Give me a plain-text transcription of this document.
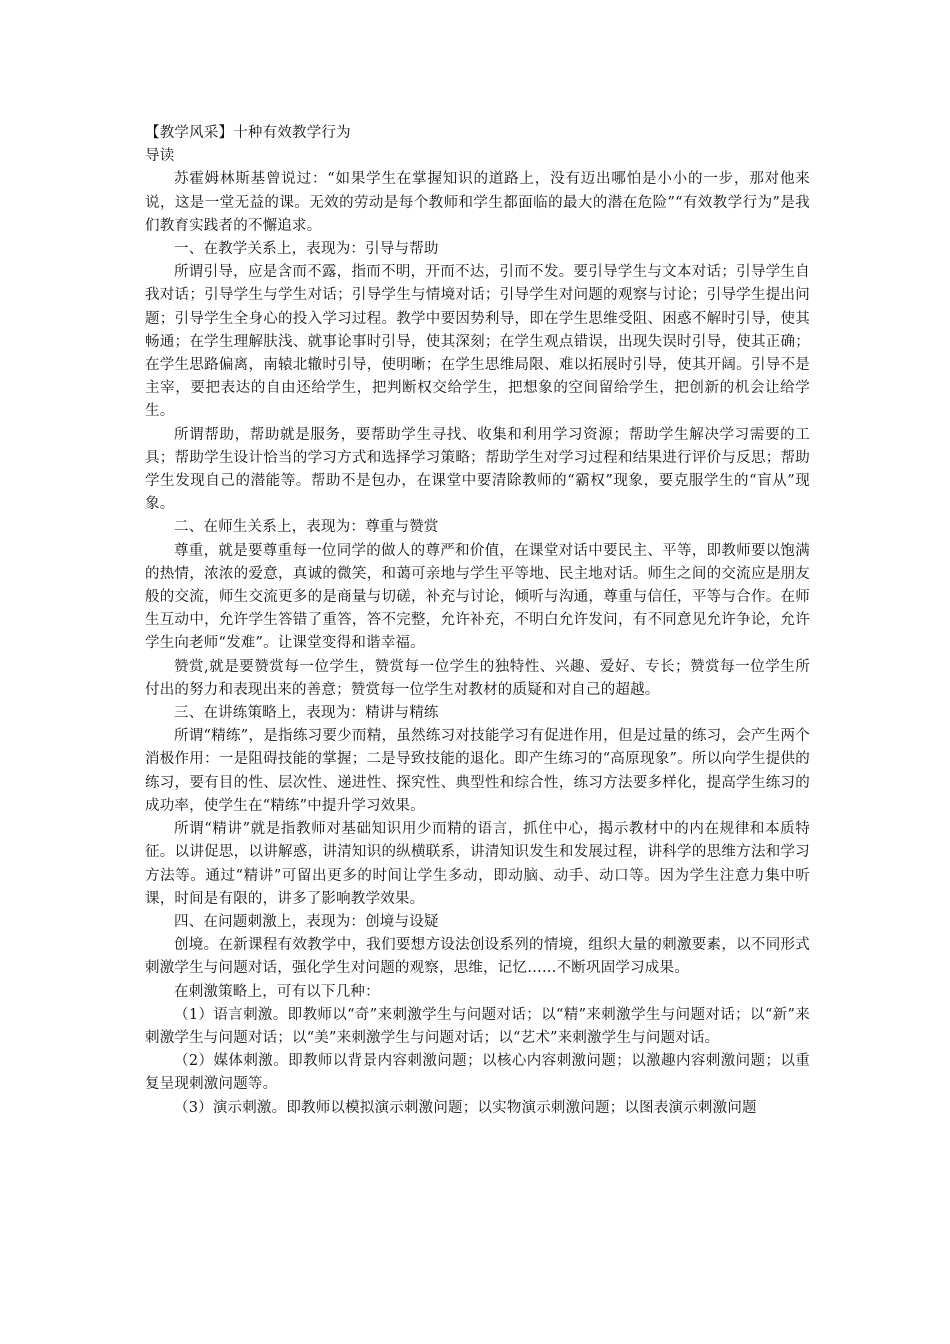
【教学风采】十种有效教学行为

导读

苏霍姆林斯基曾说过：“如果学生在掌握知识的道路上，没有迈出哪怕是小小的一步，那对他来说，这是一堂无益的课。无效的劳动是每个教师和学生都面临的最大的潜在危险”“有效教学行为”是我们教育实践者的不懈追求。

一、在教学关系上，表现为：引导与帮助

所谓引导，应是含而不露，指而不明，开而不达，引而不发。要引导学生与文本对话；引导学生自我对话；引导学生与学生对话；引导学生与情境对话；引导学生对问题的观察与讨论；引导学生提出问题；引导学生全身心的投入学习过程。教学中要因势利导，即在学生思维受阻、困惑不解时引导，使其畅通；在学生理解肤浅、就事论事时引导，使其深刻；在学生观点错误，出现失误时引导，使其正确；在学生思路偏离，南辕北辙时引导，使明晰；在学生思维局限、难以拓展时引导，使其开阔。引导不是主宰，要把表达的自由还给学生，把判断权交给学生，把想象的空间留给学生，把创新的机会让给学生。

所谓帮助，帮助就是服务，要帮助学生寻找、收集和利用学习资源；帮助学生解决学习需要的工具；帮助学生设计恰当的学习方式和选择学习策略；帮助学生对学习过程和结果进行评价与反思；帮助学生发现自己的潜能等。帮助不是包办，在课堂中要清除教师的“霸权”现象，要克服学生的“盲从”现象。

二、在师生关系上，表现为：尊重与赞赏

尊重，就是要尊重每一位同学的做人的尊严和价值，在课堂对话中要民主、平等，即教师要以饱满的热情，浓浓的爱意，真诚的微笑，和蔼可亲地与学生平等地、民主地对话。师生之间的交流应是朋友般的交流，师生交流更多的是商量与切磋，补充与讨论，倾听与沟通，尊重与信任，平等与合作。在师生互动中，允许学生答错了重答，答不完整，允许补充，不明白允许发问，有不同意见允许争论，允许学生向老师“发难”。让课堂变得和谐幸福。

赞赏,就是要赞赏每一位学生，赞赏每一位学生的独特性、兴趣、爱好、专长；赞赏每一位学生所付出的努力和表现出来的善意；赞赏每一位学生对教材的质疑和对自己的超越。

三、在讲练策略上，表现为：精讲与精练

所谓“精练”，是指练习要少而精，虽然练习对技能学习有促进作用，但是过量的练习，会产生两个消极作用：一是阻碍技能的掌握；二是导致技能的退化。即产生练习的“高原现象”。所以向学生提供的练习，要有目的性、层次性、递进性、探究性、典型性和综合性，练习方法要多样化，提高学生练习的成功率，使学生在“精练”中提升学习效果。

所谓“精讲”就是指教师对基础知识用少而精的语言，抓住中心，揭示教材中的内在规律和本质特征。以讲促思，以讲解惑，讲清知识的纵横联系，讲清知识发生和发展过程，讲科学的思维方法和学习方法等。通过“精讲”可留出更多的时间让学生多动，即动脑、动手、动口等。因为学生注意力集中听课，时间是有限的，讲多了影响教学效果。

四、在问题刺激上，表现为：创境与设疑

创境。在新课程有效教学中，我们要想方设法创设系列的情境，组织大量的刺激要素，以不同形式刺激学生与问题对话，强化学生对问题的观察，思维，记忆……不断巩固学习成果。

在刺激策略上，可有以下几种：

（1）语言刺激。即教师以“奇”来刺激学生与问题对话；以“精”来刺激学生与问题对话；以“新”来刺激学生与问题对话；以“美”来刺激学生与问题对话；以“艺术”来刺激学生与问题对话。

（2）媒体刺激。即教师以背景内容刺激问题；以核心内容刺激问题；以激趣内容刺激问题；以重复呈现刺激问题等。

（3）演示刺激。即教师以模拟演示刺激问题；以实物演示刺激问题；以图表演示刺激问题
